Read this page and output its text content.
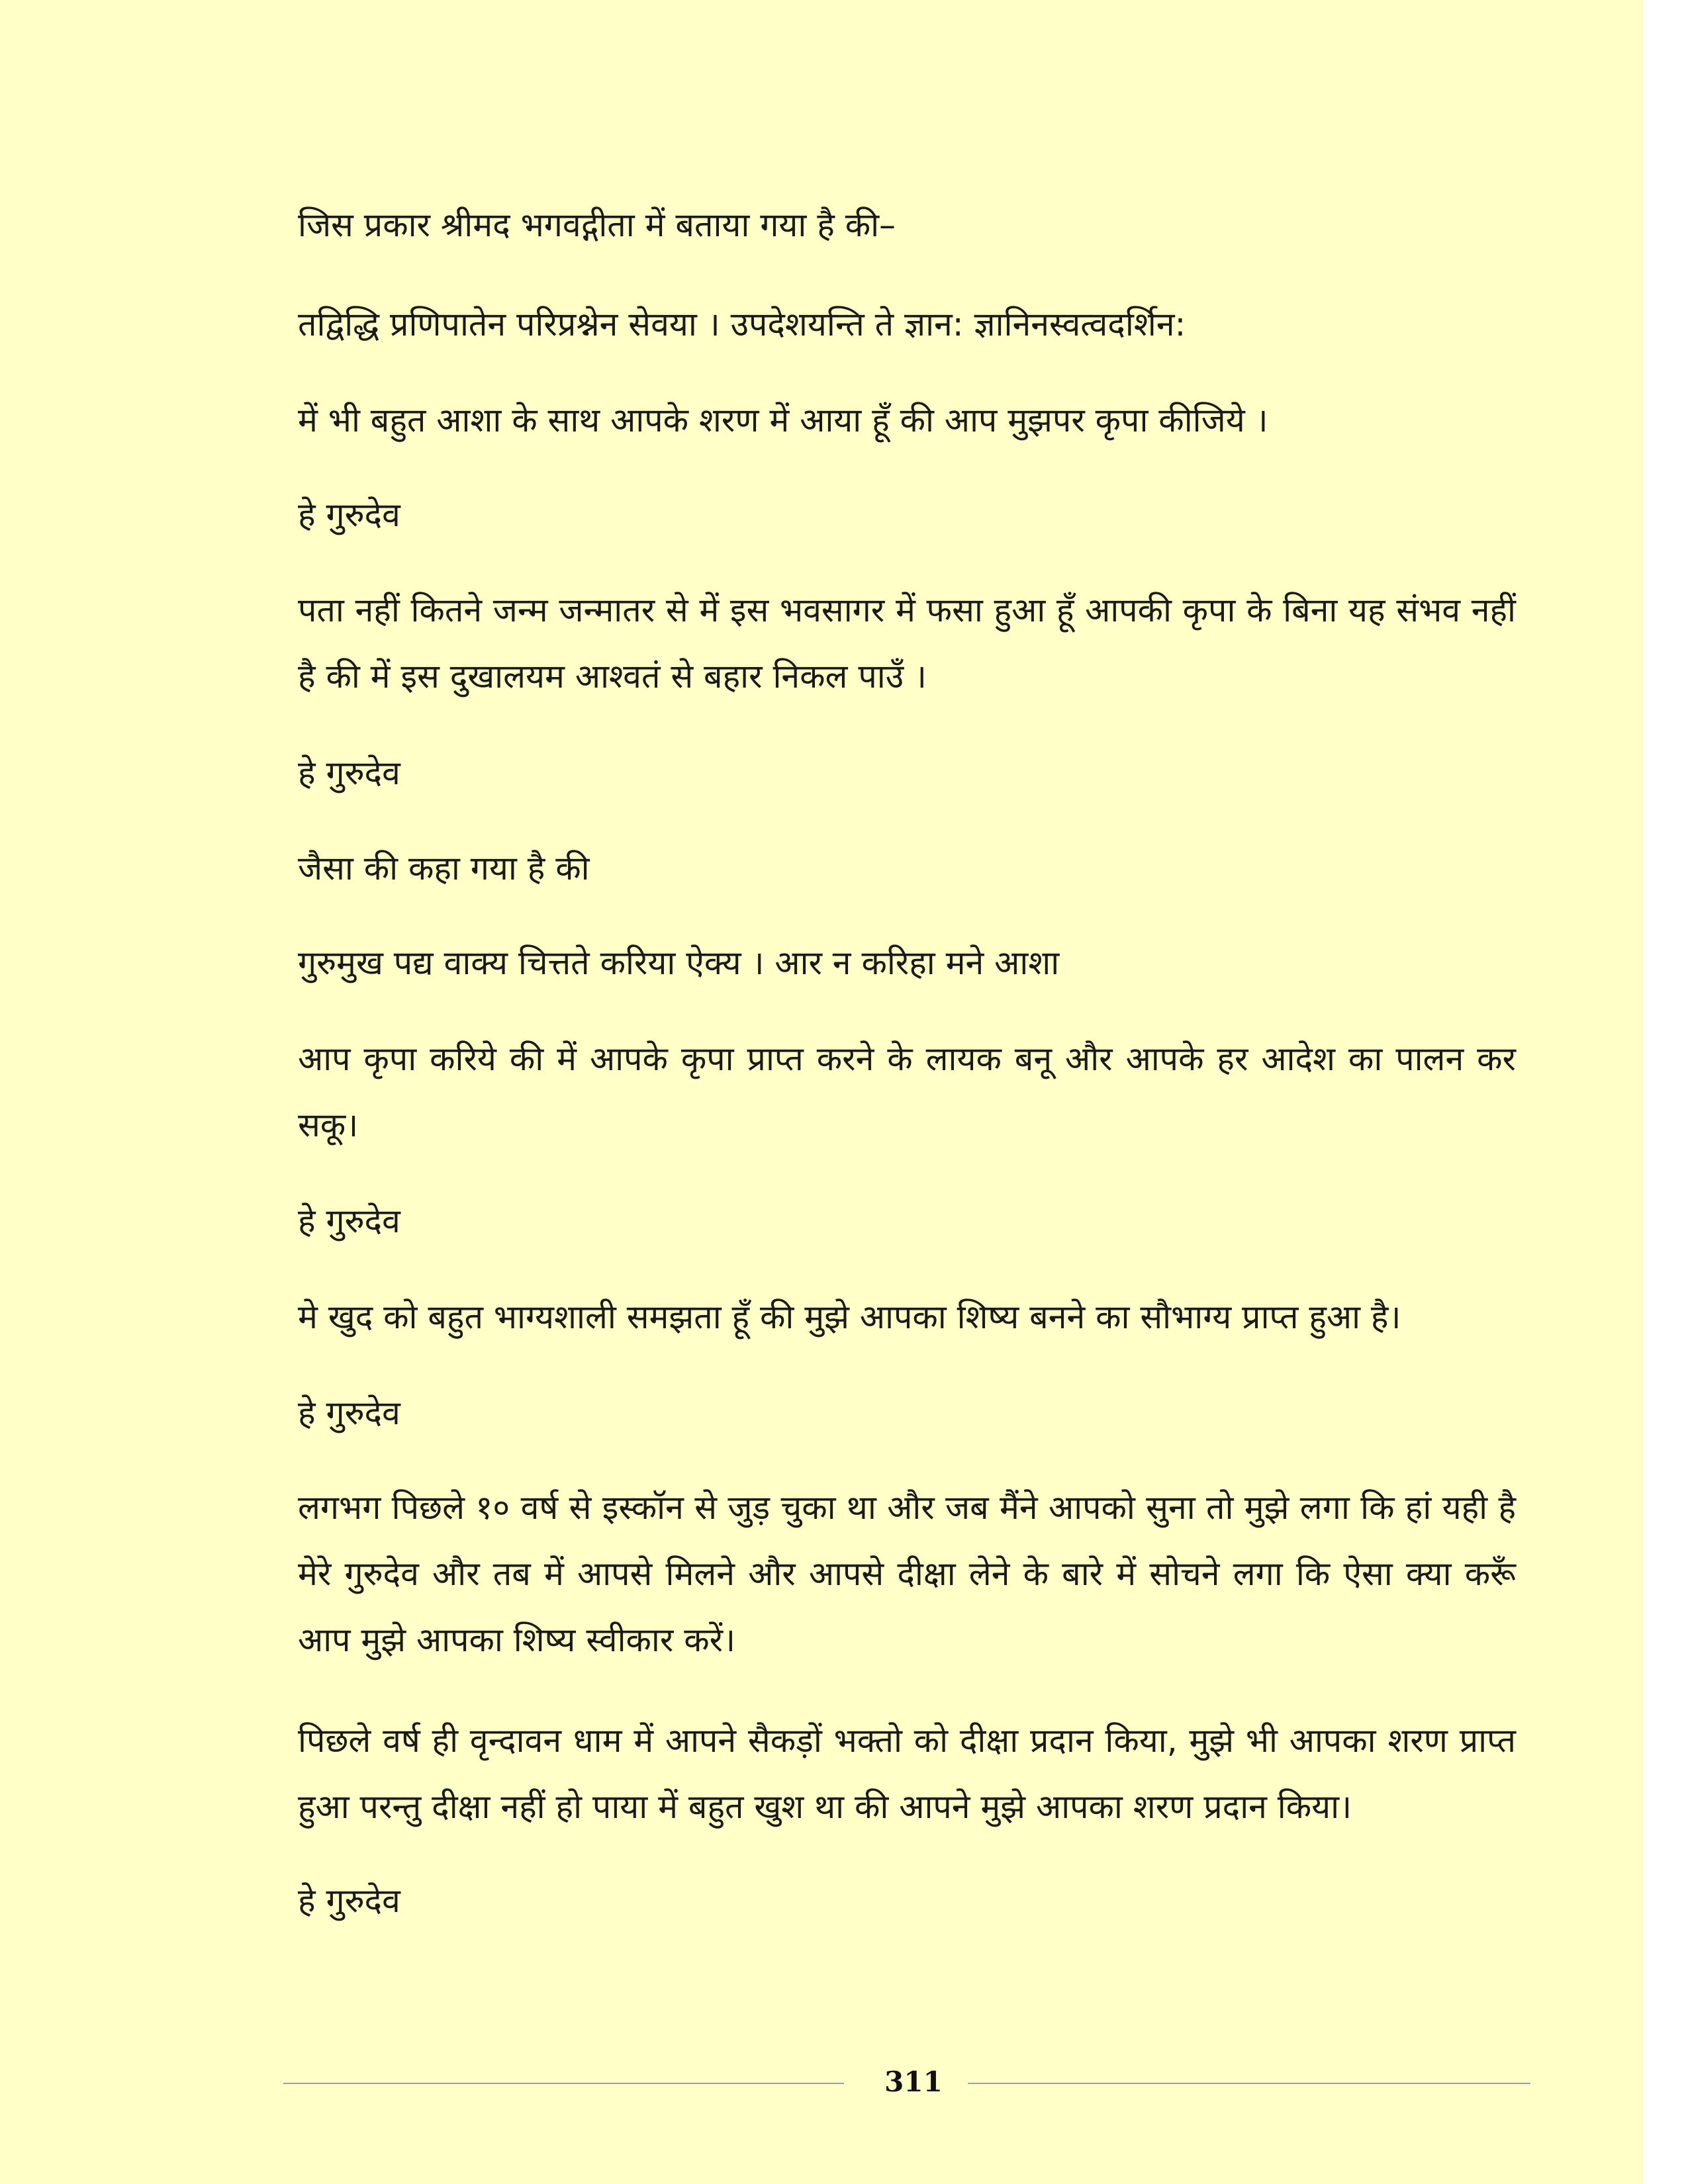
जिस प्रकार श्रीमद भगवद्गीता में बताया गया है की–
तद्विद्धि प्रणिपातेन परिप्रश्नेन सेवया । उपदेशयन्ति ते ज्ञान: ज्ञानिनस्वत्वदर्शिन:
में भी बहुत आशा के साथ आपके शरण में आया हूँ की आप मुझपर कृपा कीजिये ।
हे गुरुदेव
पता नहीं कितने जन्म जन्मातर से में इस भवसागर में फसा हुआ हूँ आपकी कृपा के बिना यह संभव नहीं है की में इस दुखालयम आश्वतं से बहार निकल पाउँ ।
हे गुरुदेव
जैसा की कहा गया है की
गुरुमुख पद्य वाक्य चित्तते करिया ऐक्य । आर न करिहा मने आशा
आप कृपा करिये की में आपके कृपा प्राप्त करने के लायक बनू और आपके हर आदेश का पालन कर सकू।
हे गुरुदेव
मे खुद को बहुत भाग्यशाली समझता हूँ की मुझे आपका शिष्य बनने का सौभाग्य प्राप्त हुआ है।
हे गुरुदेव
लगभग पिछले १० वर्ष से इस्कॉन से जुड़ चुका था और जब मैंने आपको सुना तो मुझे लगा कि हां यही है मेरे गुरुदेव और तब में आपसे मिलने और आपसे दीक्षा लेने के बारे में सोचने लगा कि ऐसा क्या करूँ आप मुझे आपका शिष्य स्वीकार करें।
पिछले वर्ष ही वृन्दावन धाम में आपने सैकड़ों भक्तो को दीक्षा प्रदान किया, मुझे भी आपका शरण प्राप्त हुआ परन्तु दीक्षा नहीं हो पाया में बहुत खुश था की आपने मुझे आपका शरण प्रदान किया।
हे गुरुदेव
311
